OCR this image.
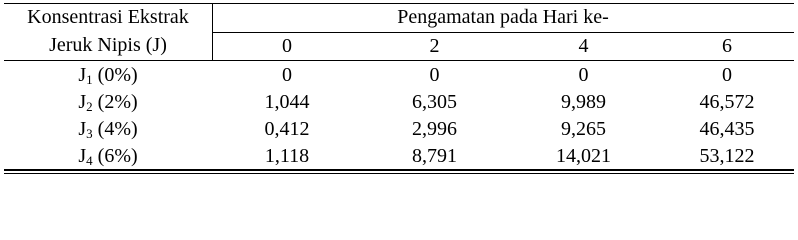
Konsentrasi Ekstrak
Jeruk Nipis (J)
Pengamatan pada Hari ke-
0	2	4	6
$J_1$ (0%)	0	0	0	0
$J_2$ (2%)	1,044	6,305	9,989	46,572
$J_3$ (4%)	0,412	2,996	9,265	46,435
$J_4$ (6%)	1,118	8,791	14,021	53,122
